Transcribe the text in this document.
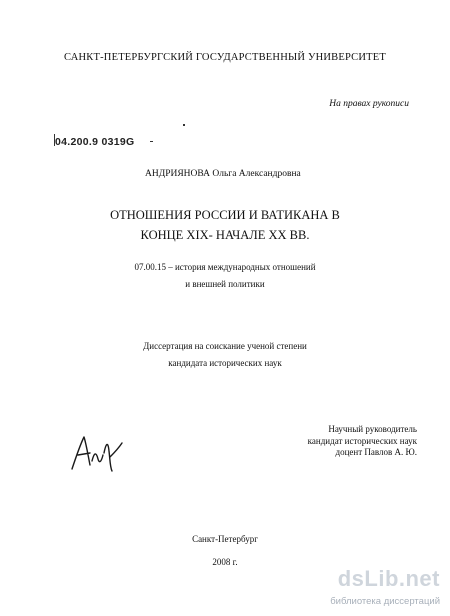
САНКТ-ПЕТЕРБУРГСКИЙ ГОСУДАРСТВЕННЫЙ УНИВЕРСИТЕТ
На правах рукописи
04.200.9 0319G
АНДРИЯНОВА Ольга Александровна
ОТНОШЕНИЯ РОССИИ И ВАТИКАНА В
КОНЦЕ XIX- НАЧАЛЕ XX ВВ.
07.00.15 – история международных отношений
и внешней политики
Диссертация на соискание ученой степени
кандидата исторических наук
Научный руководитель
кандидат исторических наук
доцент Павлов А. Ю.
Санкт-Петербург
2008 г.
dsLib.net
библиотека диссертаций
